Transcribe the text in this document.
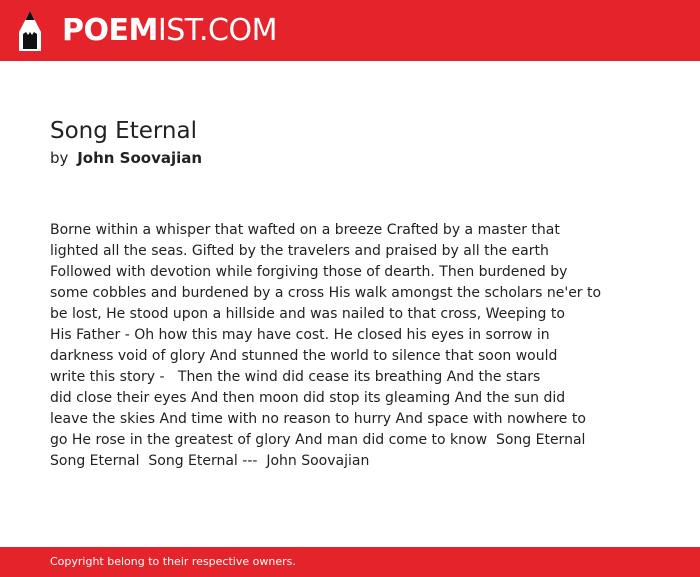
POEMIST.COM
Song Eternal
by John Soovajian
Borne within a whisper that wafted on a breeze Crafted by a master that
lighted all the seas. Gifted by the travelers and praised by all the earth
Followed with devotion while forgiving those of dearth. Then burdened by
some cobbles and burdened by a cross His walk amongst the scholars ne'er to
be lost, He stood upon a hillside and was nailed to that cross, Weeping to
His Father - Oh how this may have cost. He closed his eyes in sorrow in
darkness void of glory And stunned the world to silence that soon would
write this story -   Then the wind did cease its breathing And the stars
did close their eyes And then moon did stop its gleaming And the sun did
leave the skies And time with no reason to hurry And space with nowhere to
go He rose in the greatest of glory And man did come to know  Song Eternal
Song Eternal  Song Eternal ---  John Soovajian
Copyright belong to their respective owners.
